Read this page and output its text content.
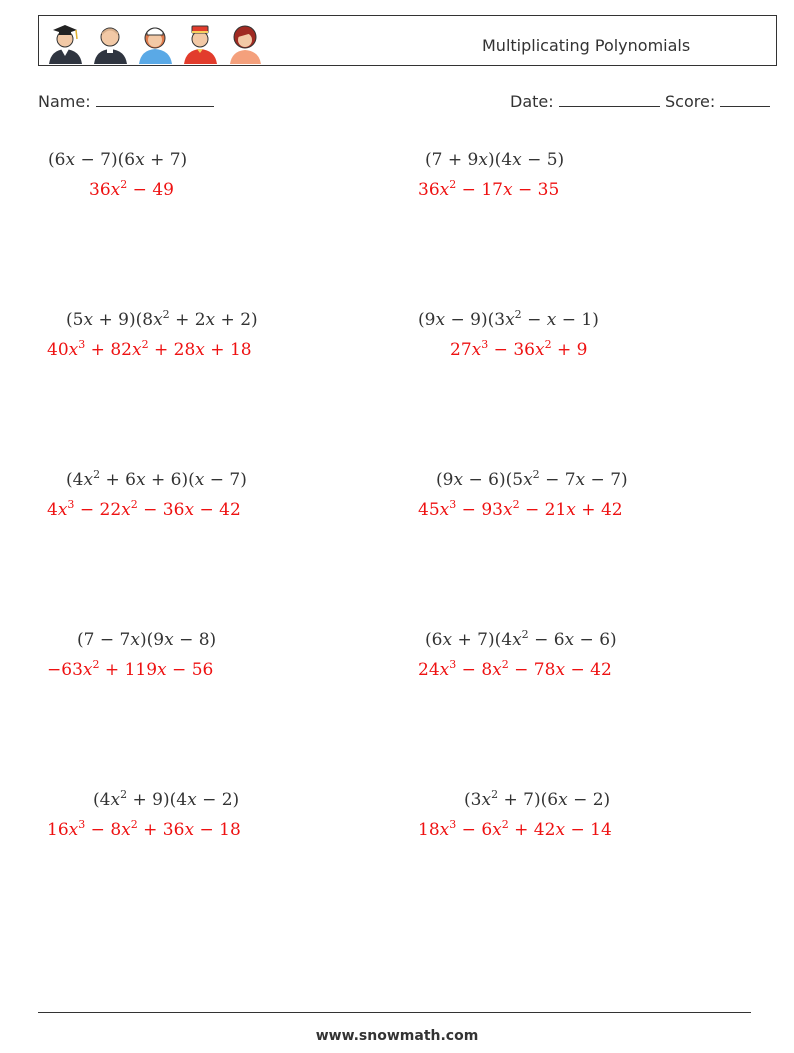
Multiplicating Polynomials
Name:	Date:	Score:
(6x − 7)(6x + 7)
$36x^2 - 49$
$(5x + 9)(8x^2 + 2x + 2)$
$40x^3 + 82x^2 + 28x + 18$
$(4x^2 + 6x + 6)(x - 7)$
$4x^3 - 22x^2 - 36x - 42$
(7 − 7x)(9x − 8)
$-63x^2 + 119x - 56$
$(4x^2 + 9)(4x - 2)$
$16x^3 - 8x^2 + 36x - 18$
(7 + 9x)(4x − 5)
$36x^2 - 17x - 35$
$(9x - 9)(3x^2 - x - 1)$
$27x^3 - 36x^2 + 9$
$(9x - 6)(5x^2 - 7x - 7)$
$45x^3 - 93x^2 - 21x + 42$
$(6x + 7)(4x^2 - 6x - 6)$
$24x^3 - 8x^2 - 78x - 42$
$(3x^2 + 7)(6x - 2)$
$18x^3 - 6x^2 + 42x - 14$
www.snowmath.com
